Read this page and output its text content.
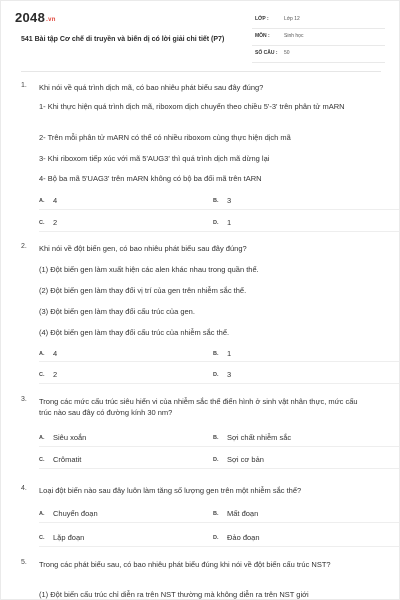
2048.vn
541 Bài tập Cơ chế di truyền và biến dị có lời giải chi tiết (P7)
LỚP :	Lớp 12
MÔN :	Sinh học
SỐ CÂU : 50
1. Khi nói về quá trình dịch mã, có bao nhiêu phát biểu sau đây đúng?
1- Khi thực hiện quá trình dịch mã, riboxom dịch chuyển theo chiều 5'-3' trên phân tử mARN
2- Trên mỗi phân tử mARN có thể có nhiều riboxom cùng thực hiện dịch mã
3- Khi riboxom tiếp xúc với mã 5'AUG3' thì quá trình dịch mã dừng lại
4- Bộ ba mã 5'UAG3' trên mARN không có bộ ba đối mã trên tARN
A. 4	B. 3
C. 2	D. 1
2. Khi nói về đột biến gen, có bao nhiêu phát biểu sau đây đúng?
(1) Đột biến gen làm xuất hiện các alen khác nhau trong quần thể.
(2) Đột biến gen làm thay đổi vị trí của gen trên nhiễm sắc thể.
(3) Đột biến gen làm thay đổi cấu trúc của gen.
(4) Đột biến gen làm thay đổi cấu trúc của nhiễm sắc thể.
A. 4	B. 1
C. 2	D. 3
3. Trong các mức cấu trúc siêu hiển vi của nhiễm sắc thể điển hình ở sinh vật nhân thực, mức cấu trúc nào sau đây có đường kính 30 nm?
A. Siêu xoắn	B. Sợi chất nhiễm sắc
C. Crômatit	D. Sợi cơ bản
4. Loại đột biến nào sau đây luôn làm tăng số lượng gen trên một nhiễm sắc thể?
A. Chuyển đoạn	B. Mất đoạn
C. Lặp đoạn	D. Đảo đoạn
5. Trong các phát biểu sau, có bao nhiêu phát biểu đúng khi nói về đột biến cấu trúc NST?
(1) Đột biến cấu trúc chỉ diễn ra trên NST thường mà không diễn ra trên NST giới
